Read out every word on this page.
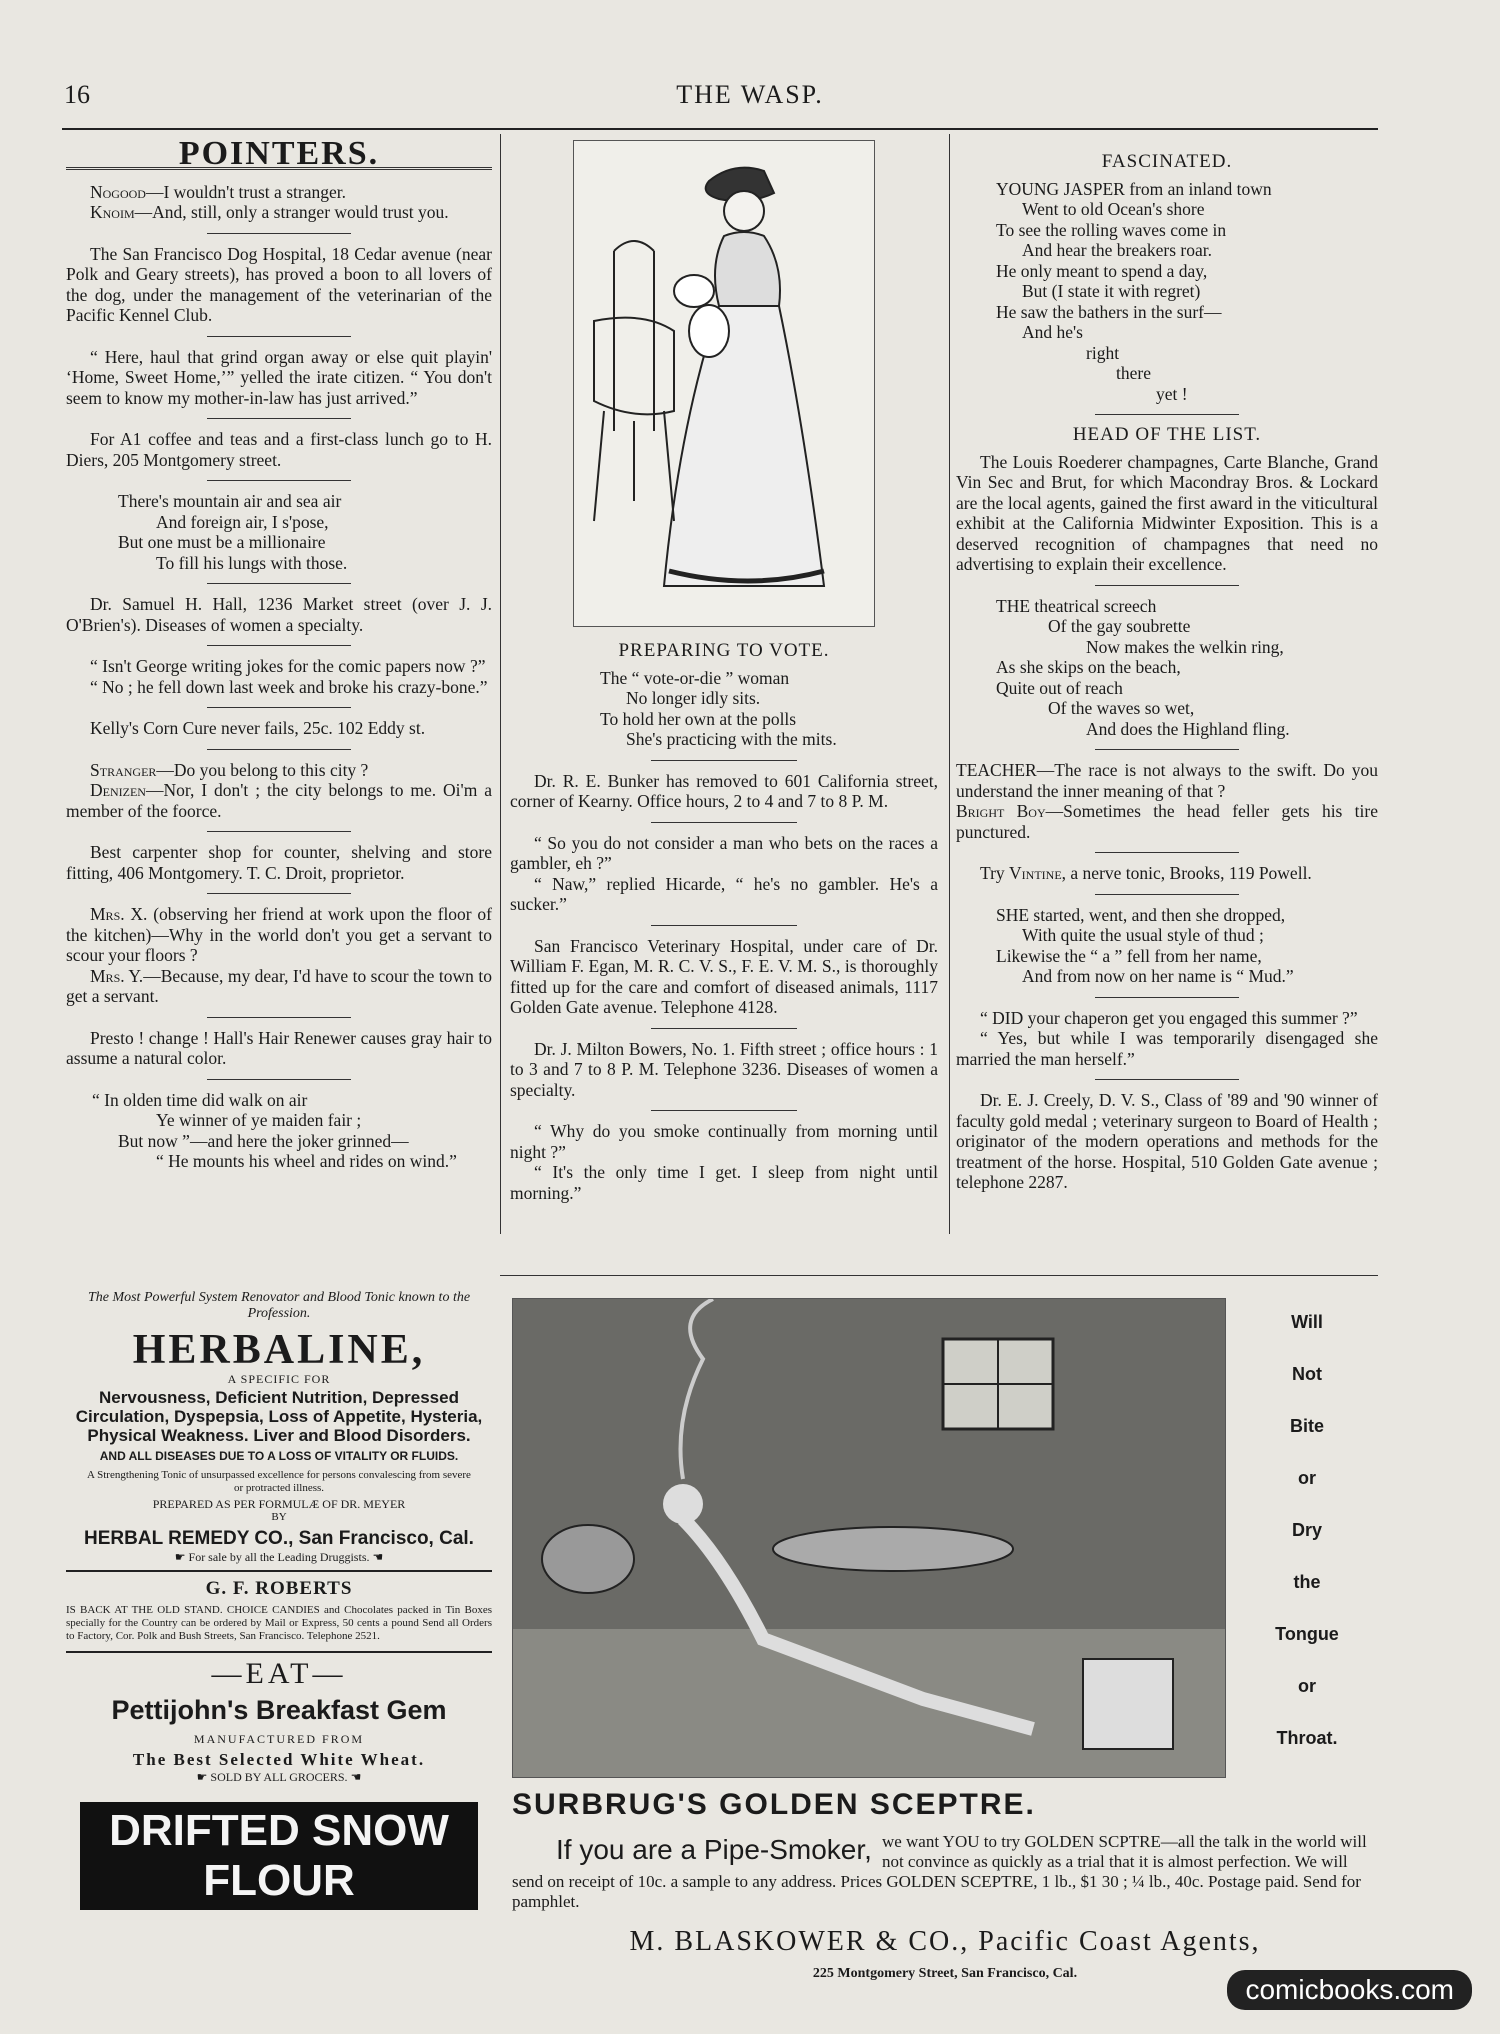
16	THE WASP.
POINTERS.

Nogood—I wouldn't trust a stranger.

Knoim—And, still, only a stranger would trust you.

The San Francisco Dog Hospital, 18 Cedar avenue (near Polk and Geary streets), has proved a boon to all lovers of the dog, under the management of the veterinarian of the Pacific Kennel Club.

“ Here, haul that grind organ away or else quit playin' ‘Home, Sweet Home,’” yelled the irate citizen. “ You don't seem to know my mother-in-law has just arrived.”

For A1 coffee and teas and a first-class lunch go to H. Diers, 205 Montgomery street.

There's mountain air and sea air
And foreign air, I s'pose,
But one must be a millionaire
To fill his lungs with those.

Dr. Samuel H. Hall, 1236 Market street (over J. J. O'Brien's). Diseases of women a specialty.

“ Isn't George writing jokes for the comic papers now ?”

“ No ; he fell down last week and broke his crazy-bone.”

Kelly's Corn Cure never fails, 25c. 102 Eddy st.

Stranger—Do you belong to this city ?

Denizen—Nor, I don't ; the city belongs to me. Oi'm a member of the foorce.

Best carpenter shop for counter, shelving and store fitting, 406 Montgomery. T. C. Droit, proprietor.

Mrs. X. (observing her friend at work upon the floor of the kitchen)—Why in the world don't you get a servant to scour your floors ?

Mrs. Y.—Because, my dear, I'd have to scour the town to get a servant.

Presto ! change ! Hall's Hair Renewer causes gray hair to assume a natural color.

“ In olden time did walk on air
Ye winner of ye maiden fair ;
But now ”—and here the joker grinned—
“ He mounts his wheel and rides on wind.”
The Most Powerful System Renovator and Blood Tonic known to the Profession.
HERBALINE,
A SPECIFIC FOR
Nervousness, Deficient Nutrition, Depressed Circulation, Dyspepsia, Loss of Appetite, Hysteria, Physical Weakness. Liver and Blood Disorders.
AND ALL DISEASES DUE TO A LOSS OF VITALITY OR FLUIDS.
A Strengthening Tonic of unsurpassed excellence for persons convalescing from severe or protracted illness.
PREPARED AS PER FORMULÆ OF DR. MEYER
BY
HERBAL REMEDY CO., San Francisco, Cal.
☛ For sale by all the Leading Druggists. ☚
G. F. ROBERTS
IS BACK AT THE OLD STAND. CHOICE CANDIES and Chocolates packed in Tin Boxes specially for the Country can be ordered by Mail or Express, 50 cents a pound Send all Orders to Factory, Cor. Polk and Bush Streets, San Francisco. Telephone 2521.
—EAT—
Pettijohn's Breakfast Gem
MANUFACTURED FROM
The Best Selected White Wheat.
☛ SOLD BY ALL GROCERS. ☚
DRIFTED SNOW FLOUR
PREPARING TO VOTE.
The “ vote-or-die ” woman
No longer idly sits.
To hold her own at the polls
She's practicing with the mits.

Dr. R. E. Bunker has removed to 601 California street, corner of Kearny. Office hours, 2 to 4 and 7 to 8 P. M.

“ So you do not consider a man who bets on the races a gambler, eh ?”

“ Naw,” replied Hicarde, “ he's no gambler. He's a sucker.”

San Francisco Veterinary Hospital, under care of Dr. William F. Egan, M. R. C. V. S., F. E. V. M. S., is thoroughly fitted up for the care and comfort of diseased animals, 1117 Golden Gate avenue. Telephone 4128.

Dr. J. Milton Bowers, No. 1. Fifth street ; office hours : 1 to 3 and 7 to 8 P. M. Telephone 3236. Diseases of women a specialty.

“ Why do you smoke continually from morning until night ?”

“ It's the only time I get. I sleep from night until morning.”

FASCINATED.
YOUNG JASPER from an inland town
Went to old Ocean's shore
To see the rolling waves come in
And hear the breakers roar.
He only meant to spend a day,
But (I state it with regret)
He saw the bathers in the surf—
And he's
right
there
yet !
HEAD OF THE LIST.

The Louis Roederer champagnes, Carte Blanche, Grand Vin Sec and Brut, for which Macondray Bros. & Lockard are the local agents, gained the first award in the viticultural exhibit at the California Midwinter Exposition. This is a deserved recognition of champagnes that need no advertising to explain their excellence.

THE theatrical screech
Of the gay soubrette
Now makes the welkin ring,
As she skips on the beach,
Quite out of reach
Of the waves so wet,
And does the Highland fling.

TEACHER—The race is not always to the swift. Do you understand the inner meaning of that ?

Bright Boy—Sometimes the head feller gets his tire punctured.

Try Vintine, a nerve tonic, Brooks, 119 Powell.

SHE started, went, and then she dropped,
With quite the usual style of thud ;
Likewise the “ a ” fell from her name,
And from now on her name is “ Mud.”

“ DID your chaperon get you engaged this summer ?”

“ Yes, but while I was temporarily disengaged she married the man herself.”

Dr. E. J. Creely, D. V. S., Class of '89 and '90 winner of faculty gold medal ; veterinary surgeon to Board of Health ; originator of the modern operations and methods for the treatment of the horse. Hospital, 510 Golden Gate avenue ; telephone 2287.

Will
Not
Bite
or
Dry
the
Tongue
or
Throat.
SURBRUG'S GOLDEN SCEPTRE.
If you are a Pipe-Smoker, we want YOU to try GOLDEN SCPTRE—all the talk in the world will not convince as quickly as a trial that it is almost perfection. We will send on receipt of 10c. a sample to any address. Prices GOLDEN SCEPTRE, 1 lb., $1 30 ; ¼ lb., 40c. Postage paid. Send for pamphlet.
M. BLASKOWER & CO., Pacific Coast Agents,
225 Montgomery Street, San Francisco, Cal.
comicbooks.com
